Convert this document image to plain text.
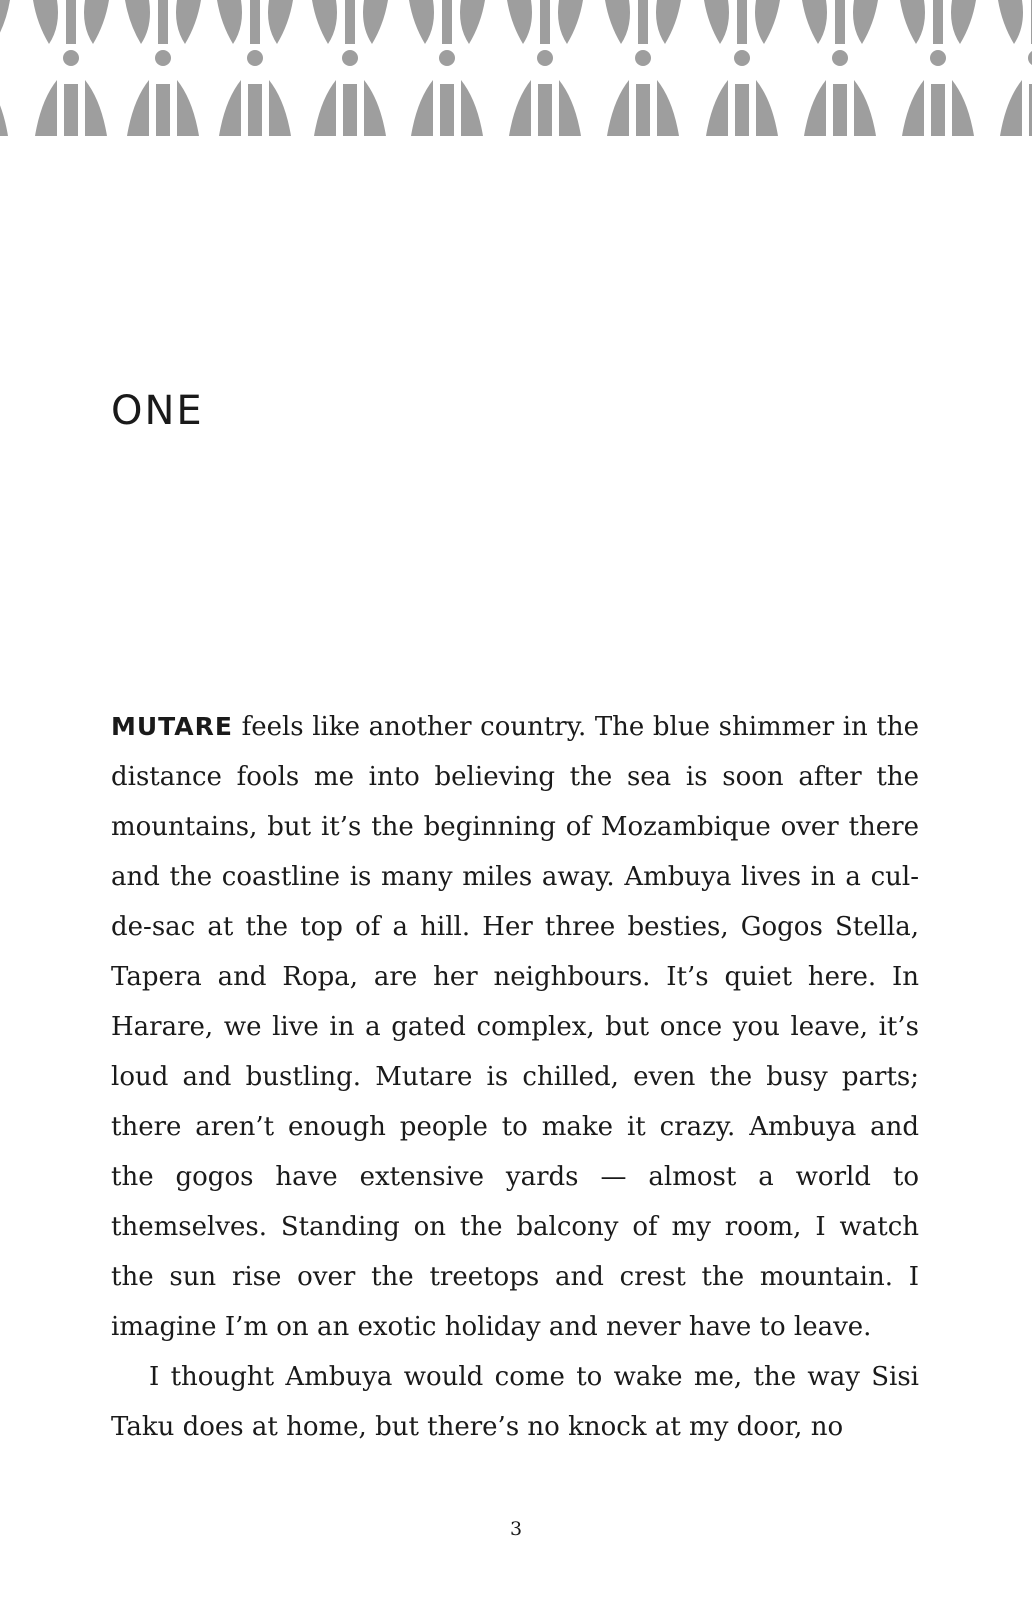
ONE

MUTARE feels like another country. The blue shimmer in the distance fools me into believing the sea is soon after the mountains, but it’s the beginning of Mozambique over there and the coastline is many miles away. Ambuya lives in a cul-de-sac at the top of a hill. Her three besties, Gogos Stella, Tapera and Ropa, are her neighbours. It’s quiet here. In Harare, we live in a gated complex, but once you leave, it’s loud and bustling. Mutare is chilled, even the busy parts; there aren’t enough people to make it crazy. Ambuya and the gogos have extensive yards — almost a world to themselves. Standing on the balcony of my room, I watch the sun rise over the treetops and crest the mountain. I imagine I’m on an exotic holiday and never have to leave.

I thought Ambuya would come to wake me, the way Sisi Taku does at home, but there’s no knock at my door, no

3
